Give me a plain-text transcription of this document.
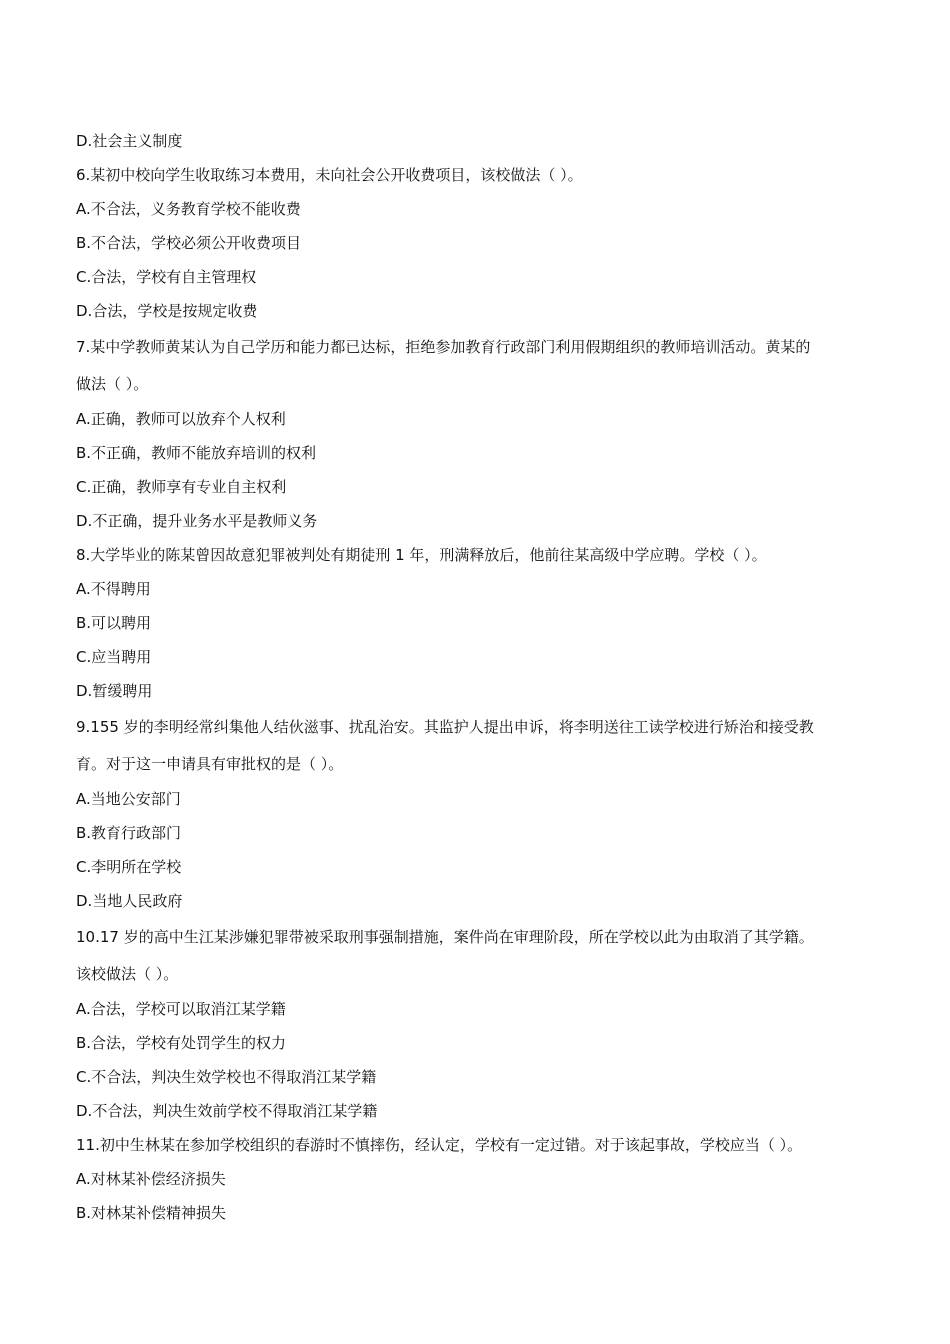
D.社会主义制度

6.某初中校向学生收取练习本费用，未向社会公开收费项目，该校做法（ ）。

A.不合法，义务教育学校不能收费

B.不合法，学校必须公开收费项目

C.合法，学校有自主管理权

D.合法，学校是按规定收费

7.某中学教师黄某认为自己学历和能力都已达标，拒绝参加教育行政部门利用假期组织的教师培训活动。黄某的

做法（ ）。

A.正确，教师可以放弃个人权利

B.不正确，教师不能放弃培训的权利

C.正确，教师享有专业自主权利

D.不正确，提升业务水平是教师义务

8.大学毕业的陈某曾因故意犯罪被判处有期徒刑 1 年，刑满释放后，他前往某高级中学应聘。学校（ ）。

A.不得聘用

B.可以聘用

C.应当聘用

D.暂缓聘用

9.155 岁的李明经常纠集他人结伙滋事、扰乱治安。其监护人提出申诉，将李明送往工读学校进行矫治和接受教

育。对于这一申请具有审批权的是（ ）。

A.当地公安部门

B.教育行政部门

C.李明所在学校

D.当地人民政府

10.17 岁的高中生江某涉嫌犯罪带被采取刑事强制措施，案件尚在审理阶段，所在学校以此为由取消了其学籍。

该校做法（ ）。

A.合法，学校可以取消江某学籍

B.合法，学校有处罚学生的权力

C.不合法，判决生效学校也不得取消江某学籍

D.不合法，判决生效前学校不得取消江某学籍

11.初中生林某在参加学校组织的春游时不慎摔伤，经认定，学校有一定过错。对于该起事故，学校应当（ ）。

A.对林某补偿经济损失

B.对林某补偿精神损失
